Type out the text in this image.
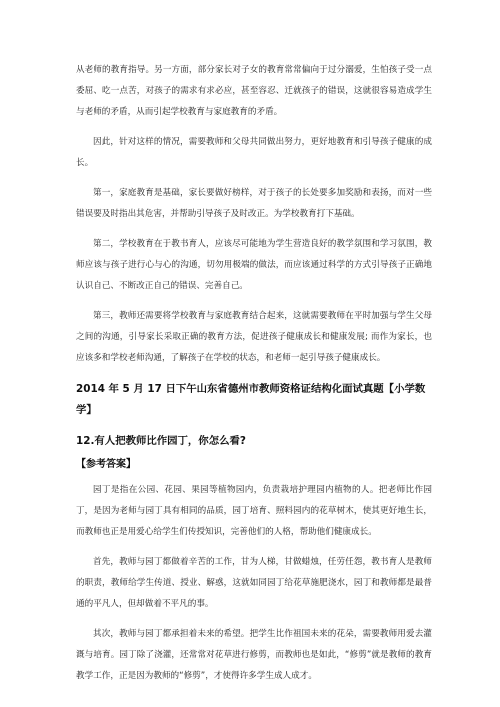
从老师的教育指导。另一方面，部分家长对子女的教育常常偏向于过分溺爱，生怕孩子受一点委屈、吃一点苦，对孩子的需求有求必应，甚至容忍、迁就孩子的错误，这就很容易造成学生与老师的矛盾，从而引起学校教育与家庭教育的矛盾。

因此，针对这样的情况，需要教师和父母共同做出努力，更好地教育和引导孩子健康的成长。

第一，家庭教育是基础，家长要做好榜样，对于孩子的长处要多加奖励和表扬，而对一些错误要及时指出其危害，并帮助引导孩子及时改正。为学校教育打下基础。

第二，学校教育在于教书育人，应该尽可能地为学生营造良好的教学氛围和学习氛围，教师应该与孩子进行心与心的沟通，切勿用极端的做法，而应该通过科学的方式引导孩子正确地认识自己、不断改正自己的错误、完善自己。

第三，教师还需要将学校教育与家庭教育结合起来，这就需要教师在平时加强与学生父母之间的沟通，引导家长采取正确的教育方法，促进孩子健康成长和健康发展; 而作为家长，也应该多和学校老师沟通，了解孩子在学校的状态，和老师一起引导孩子健康成长。

2014 年 5 月 17 日下午山东省德州市教师资格证结构化面试真题【小学数学】
12.有人把教师比作园丁，你怎么看?
【参考答案】

园丁是指在公园、花园、果园等植物园内，负责栽培护理园内植物的人。把老师比作园丁，是因为老师与园丁具有相同的品质，园丁培育、照料园内的花草树木，使其更好地生长，而教师也正是用爱心给学生们传授知识，完善他们的人格，帮助他们健康成长。

首先，教师与园丁都做着辛苦的工作，甘为人梯，甘做蜡烛，任劳任怨，教书育人是教师的职责，教师给学生传道、授业、解惑，这就如同园丁给花草施肥浇水，园丁和教师都是最普通的平凡人，但却做着不平凡的事。

其次，教师与园丁都承担着未来的希望。把学生比作祖国未来的花朵，需要教师用爱去灌溉与培育。园丁除了浇灌，还常常对花草进行修剪，而教师也是如此，“修剪”就是教师的教育教学工作，正是因为教师的“修剪”，才使得许多学生成人成才。
